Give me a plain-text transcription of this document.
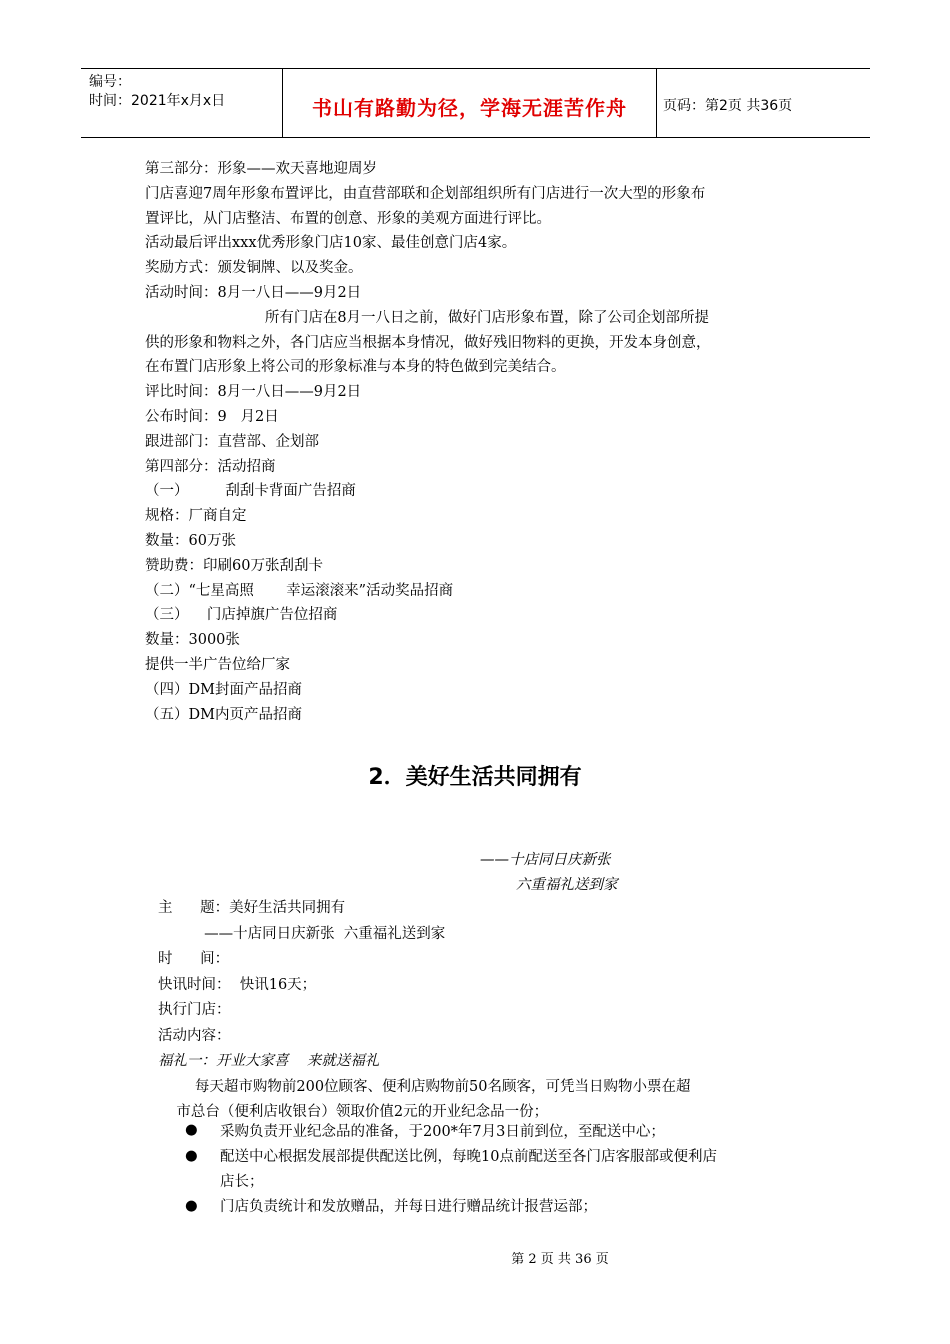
编号：
时间：2021年x月x日	书山有路勤为径，学海无涯苦作舟	页码：第2页 共36页

第三部分：形象——欢天喜地迎周岁

门店喜迎7周年形象布置评比，由直营部联和企划部组织所有门店进行一次大型的形象布

置评比，从门店整洁、布置的创意、形象的美观方面进行评比。

活动最后评出xxx优秀形象门店10家、最佳创意门店4家。

奖励方式：颁发铜牌、以及奖金。

活动时间：8月一八日——9月2日

所有门店在8月一八日之前，做好门店形象布置，除了公司企划部所提

供的形象和物料之外，各门店应当根据本身情况，做好残旧物料的更换，开发本身创意，

在布置门店形象上将公司的形象标准与本身的特色做到完美结合。

评比时间：8月一八日——9月2日

公布时间：9   月2日

跟进部门：直营部、企划部

第四部分：活动招商

（一）        刮刮卡背面广告招商

规格：厂商自定

数量：60万张

赞助费：印刷60万张刮刮卡

（二）“七星高照       幸运滚滚来”活动奖品招商

（三）    门店掉旗广告位招商

数量：3000张

提供一半广告位给厂家

（四）DM封面产品招商

（五）DM内页产品招商

2．美好生活共同拥有
——十店同日庆新张
六重福礼送到家

主      题：美好生活共同拥有

——十店同日庆新张  六重福礼送到家

时      间：

快讯时间：  快讯16天；

执行门店：

活动内容：

福礼一：开业大家喜    来就送福礼

每天超市购物前200位顾客、便利店购物前50名顾客，可凭当日购物小票在超

市总台（便利店收银台）领取价值2元的开业纪念品一份；

● 采购负责开业纪念品的准备，于200*年7月3日前到位，至配送中心；
● 配送中心根据发展部提供配送比例，每晚10点前配送至各门店客服部或便利店
店长；
● 门店负责统计和发放赠品，并每日进行赠品统计报营运部；
第 2 页 共 36 页
